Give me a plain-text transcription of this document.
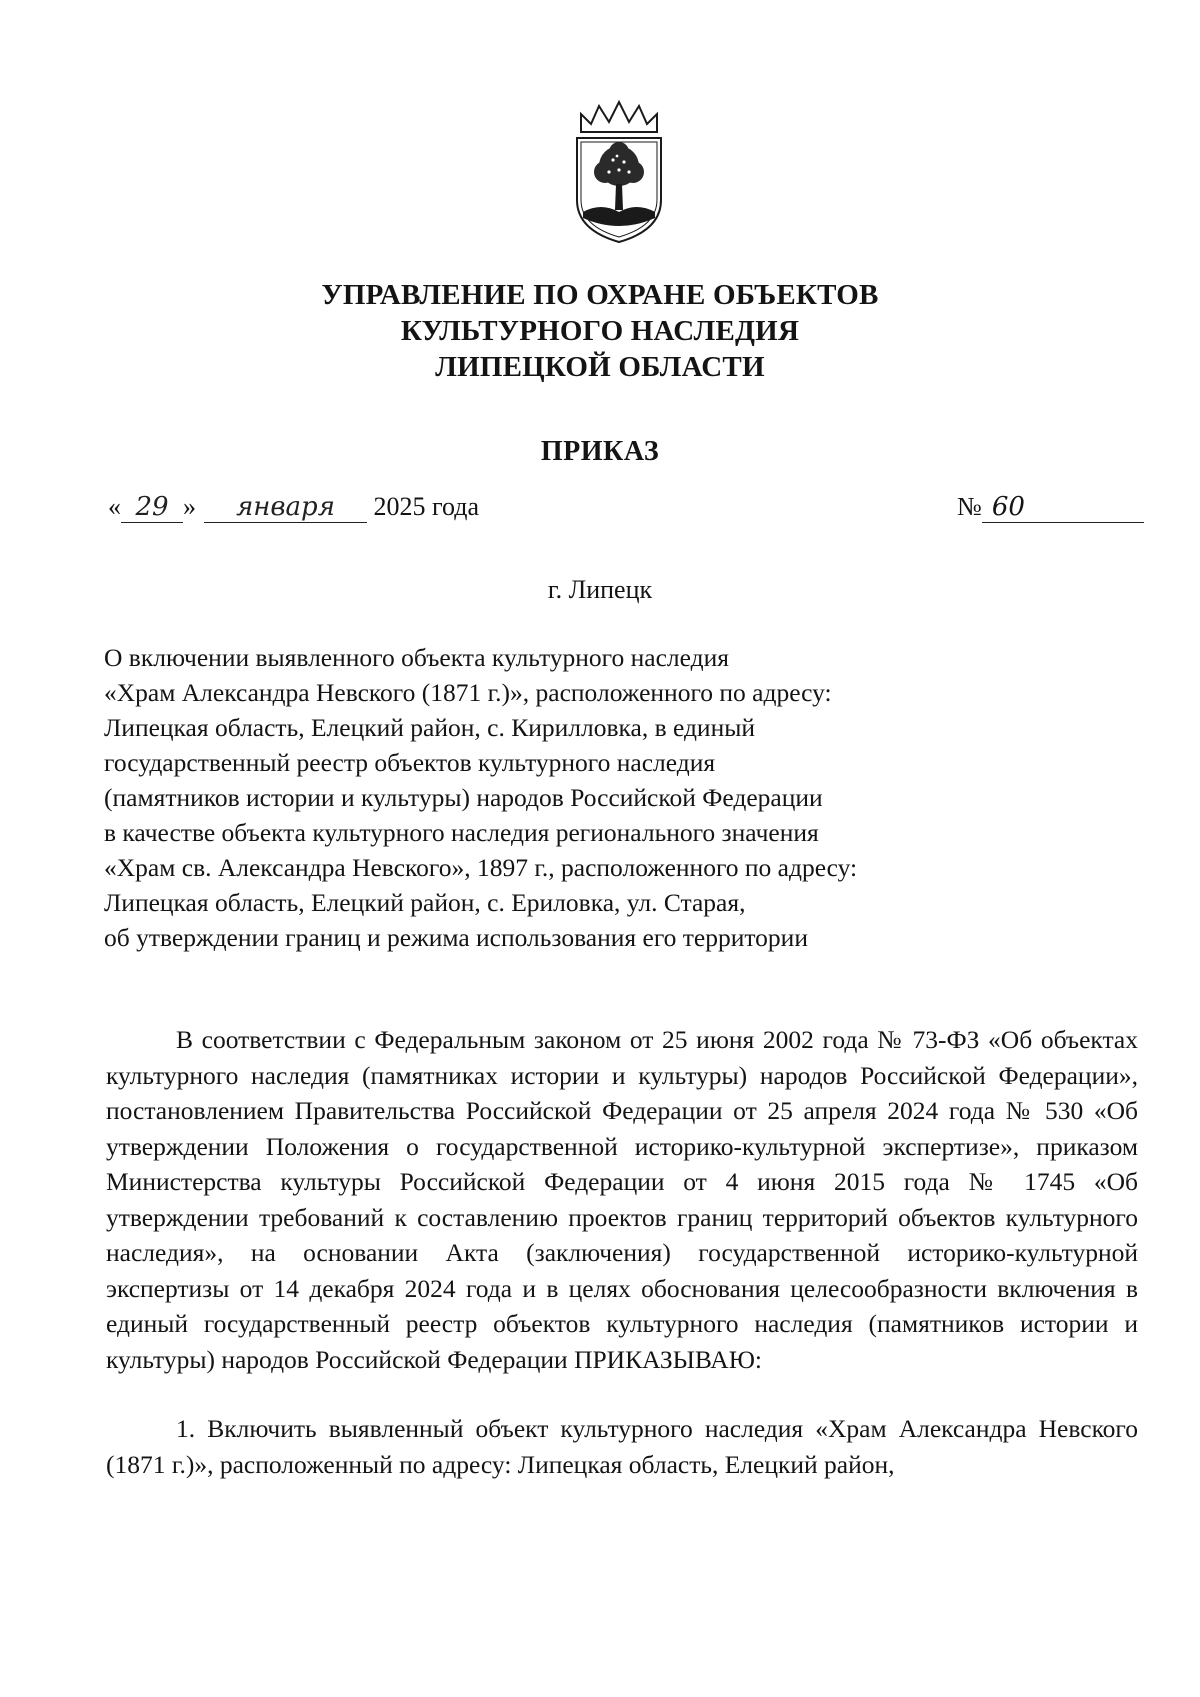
УПРАВЛЕНИЕ ПО ОХРАНЕ ОБЪЕКТОВ
КУЛЬТУРНОГО НАСЛЕДИЯ
ЛИПЕЦКОЙ ОБЛАСТИ
ПРИКАЗ
« 29 » января 2025 года	№ 60
г. Липецк
О включении выявленного объекта культурного наследия
«Храм Александра Невского (1871 г.)», расположенного по адресу:
Липецкая область, Елецкий район, с. Кирилловка, в единый
государственный реестр объектов культурного наследия
(памятников истории и культуры) народов Российской Федерации
в качестве объекта культурного наследия регионального значения
«Храм св. Александра Невского», 1897 г., расположенного по адресу:
Липецкая область, Елецкий район, с. Ериловка, ул. Старая,
об утверждении границ и режима использования его территории

В соответствии с Федеральным законом от 25 июня 2002 года № 73-ФЗ «Об объектах культурного наследия (памятниках истории и культуры) народов Российской Федерации», постановлением Правительства Российской Федерации от 25 апреля 2024 года № 530 «Об утверждении Положения о государственной историко-культурной экспертизе», приказом Министерства культуры Российской Федерации от 4 июня 2015 года № 1745 «Об утверждении требований к составлению проектов границ территорий объектов культурного наследия», на основании Акта (заключения) государственной историко-культурной экспертизы от 14 декабря 2024 года и в целях обоснования целесообразности включения в единый государственный реестр объектов культурного наследия (памятников истории и культуры) народов Российской Федерации ПРИКАЗЫВАЮ:

1. Включить выявленный объект культурного наследия «Храм Александра Невского (1871 г.)», расположенный по адресу: Липецкая область, Елецкий район,
